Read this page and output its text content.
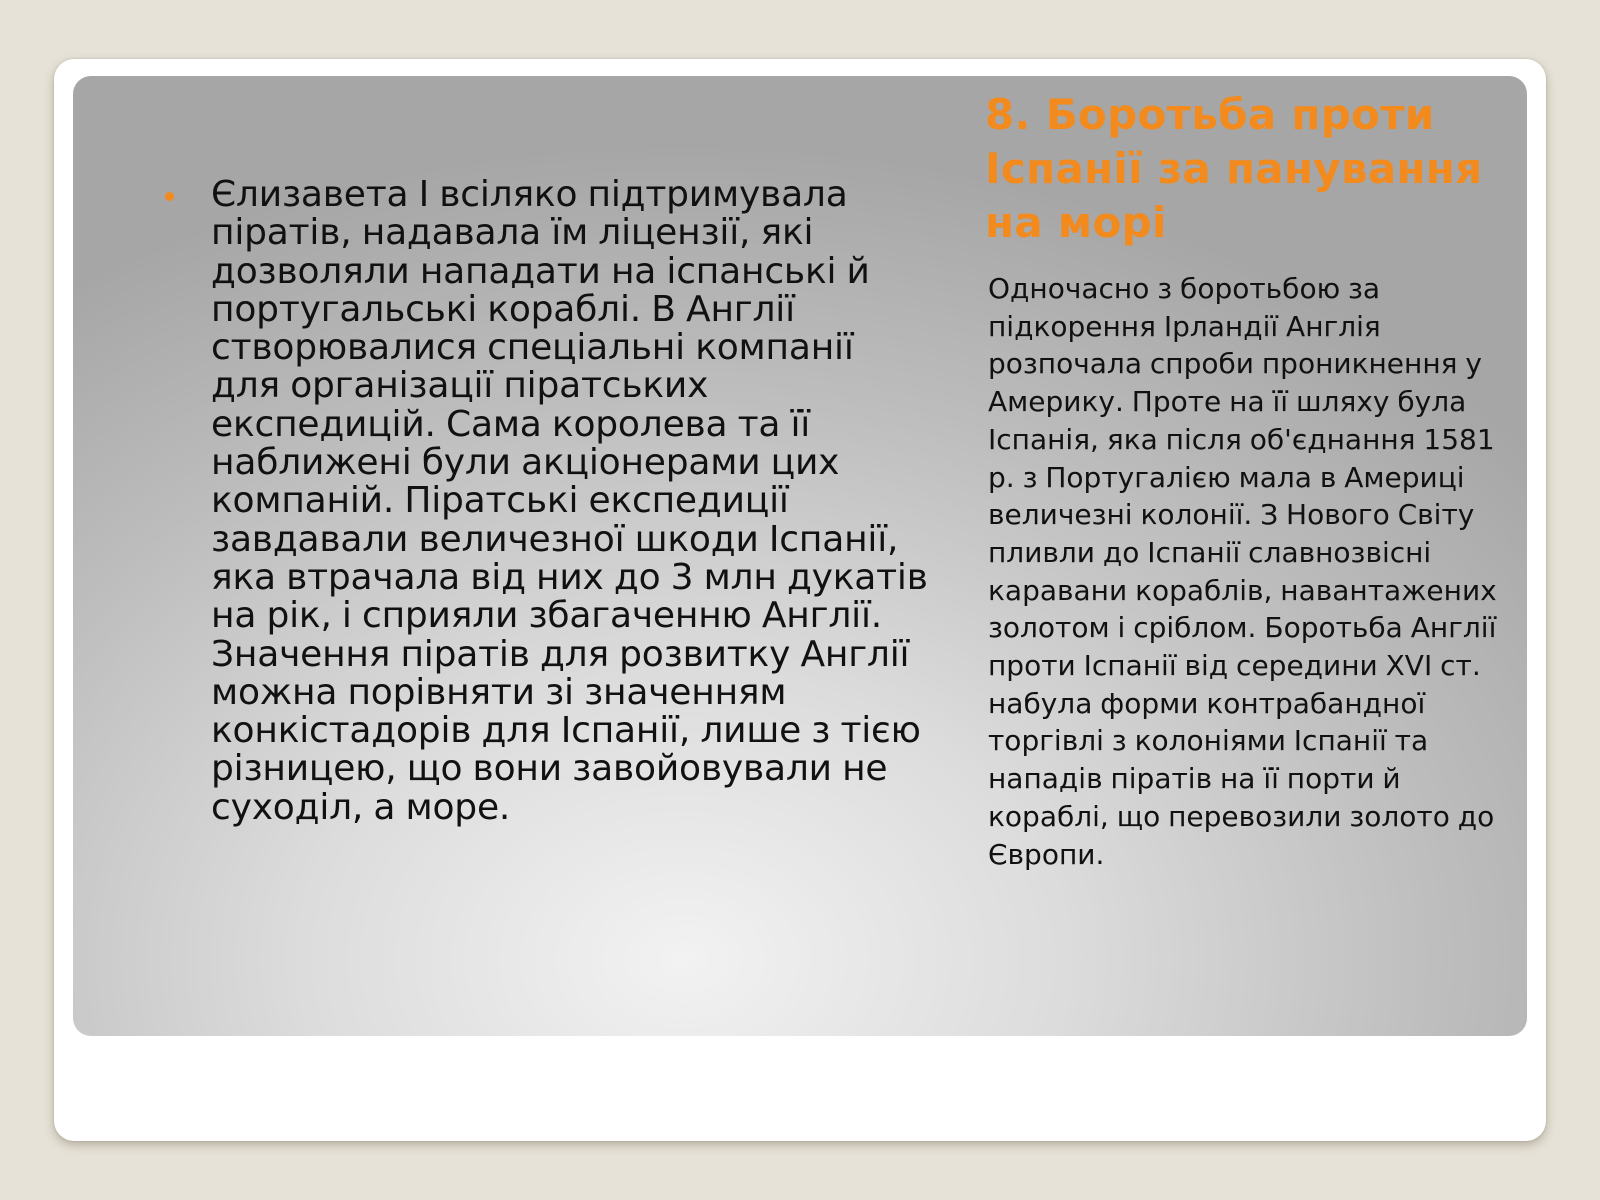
Єлизавета І всіляко підтримувала піратів, надавала їм ліцензії, які дозволяли нападати на іспанські й португальські кораблі. В Англії створювалися спеціальні компанії для організації піратських експедицій. Сама королева та її наближені були акціонерами цих компаній. Піратські експедиції завдавали величезної шкоди Іспанії, яка втрачала від них до 3 млн дукатів на рік, і сприяли збагаченню Англії. Значення піратів для розвитку Англії можна порівняти зі значенням конкістадорів для Іспанії, лише з тією різницею, що вони завойовували не суходіл, а море.

8. Боротьба проти Іспанії за панування на морі

Одночасно з боротьбою за підкорення Ірландії Англія розпочала спроби проникнення у Америку. Проте на її шляху була Іспанія, яка після об'єднання 1581 р. з Португалією мала в Америці величезні колонії. З Нового Світу пливли до Іспанії славнозвісні каравани кораблів, навантажених золотом і сріблом. Боротьба Англії проти Іспанії від середини XVI ст. набула форми контрабандної торгівлі з колоніями Іспанії та нападів піратів на її порти й кораблі, що перевозили золото до Європи.
